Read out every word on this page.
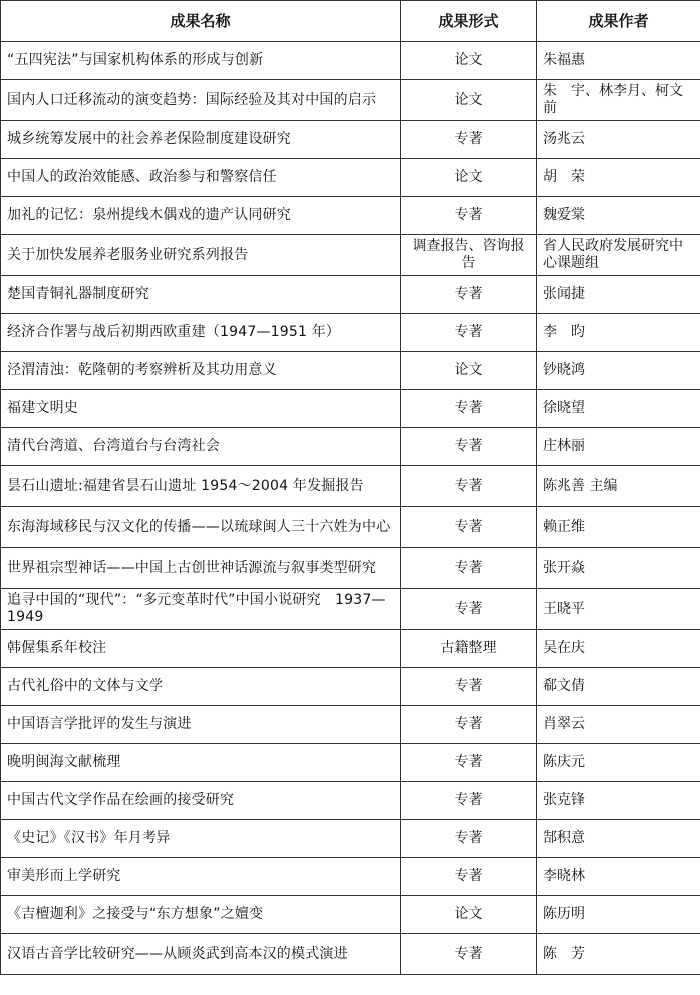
成果名称	成果形式	成果作者
“五四宪法”与国家机构体系的形成与创新	论文	朱福惠
国内人口迁移流动的演变趋势：国际经验及其对中国的启示	论文	朱　宇、林李月、柯文前
城乡统筹发展中的社会养老保险制度建设研究	专著	汤兆云
中国人的政治效能感、政治参与和警察信任	论文	胡　荣
加礼的记忆：泉州提线木偶戏的遗产认同研究	专著	魏爱棠
关于加快发展养老服务业研究系列报告	调查报告、咨询报告	省人民政府发展研究中心课题组
楚国青铜礼器制度研究	专著	张闻捷
经济合作署与战后初期西欧重建（1947—1951 年）	专著	李　昀
泾渭清浊：乾隆朝的考察辨析及其功用意义	论文	钞晓鸿
福建文明史	专著	徐晓望
清代台湾道、台湾道台与台湾社会	专著	庄林丽
昙石山遗址:福建省昙石山遗址 1954～2004 年发掘报告	专著	陈兆善 主编
东海海域移民与汉文化的传播——以琉球闽人三十六姓为中心	专著	赖正维
世界祖宗型神话——中国上古创世神话源流与叙事类型研究	专著	张开焱
追寻中国的“现代”：“多元变革时代”中国小说研究　1937—1949	专著	王晓平
韩偓集系年校注	古籍整理	吴在庆
古代礼俗中的文体与文学	专著	郗文倩
中国语言学批评的发生与演进	专著	肖翠云
晚明闽海文献梳理	专著	陈庆元
中国古代文学作品在绘画的接受研究	专著	张克锋
《史记》《汉书》年月考异	专著	郜积意
审美形而上学研究	专著	李晓林
《吉檀迦利》之接受与“东方想象”之嬗变	论文	陈历明
汉语古音学比较研究——从顾炎武到高本汉的模式演进	专著	陈　芳
